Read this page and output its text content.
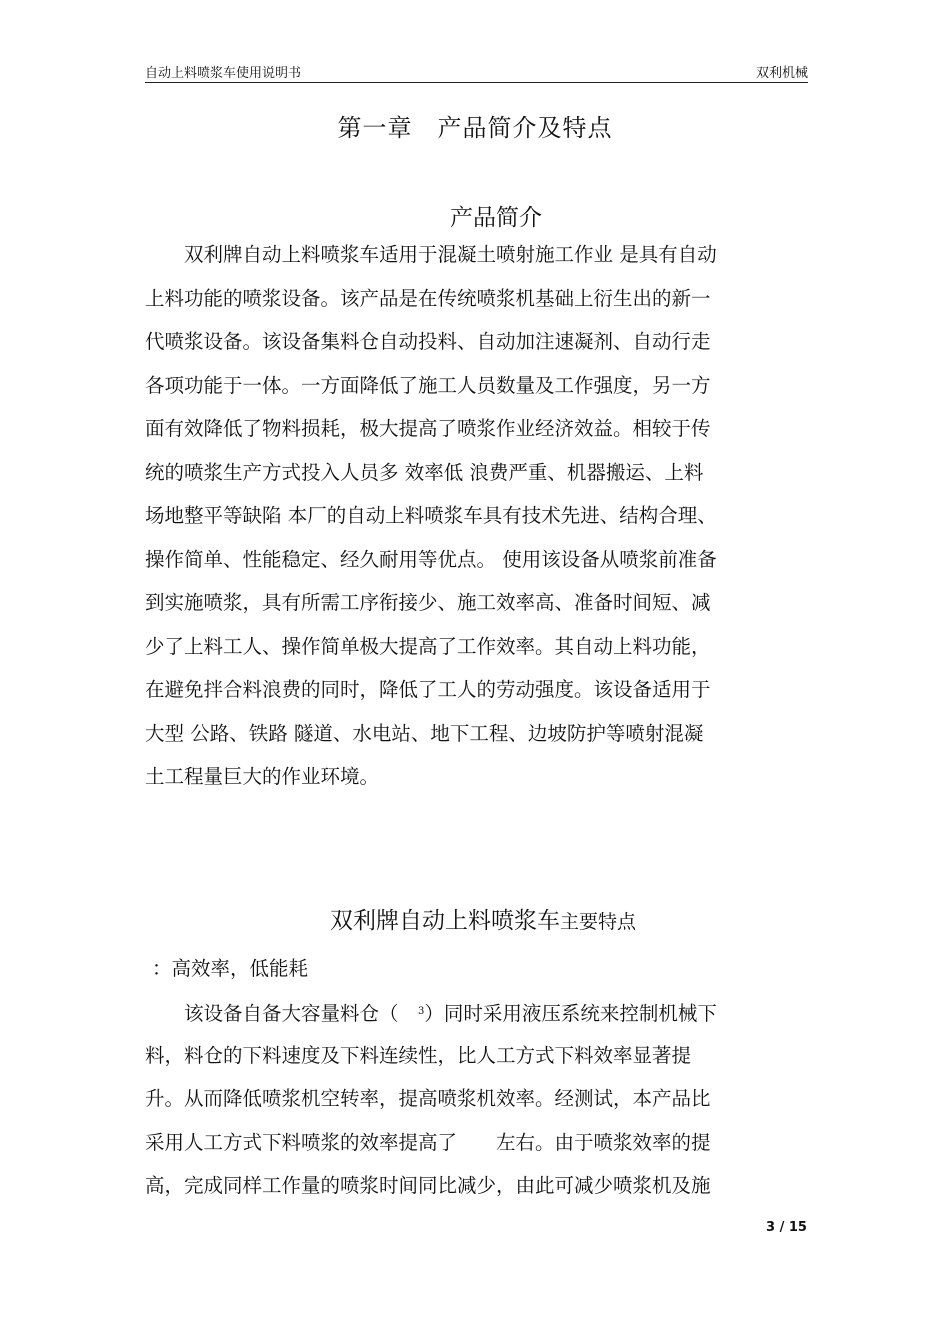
自动上料喷浆车使用说明书	双利机械
第一章　产品简介及特点
产品简介
　　双利牌自动上料喷浆车适用于混凝土喷射施工作业 是具有自动
上料功能的喷浆设备。该产品是在传统喷浆机基础上衍生出的新一
代喷浆设备。该设备集料仓自动投料、自动加注速凝剂、自动行走
各项功能于一体。一方面降低了施工人员数量及工作强度，另一方
面有效降低了物料损耗，极大提高了喷浆作业经济效益。相较于传
统的喷浆生产方式投入人员多 效率低 浪费严重、机器搬运、上料
场地整平等缺陷 本厂的自动上料喷浆车具有技术先进、结构合理、
操作简单、性能稳定、经久耐用等优点。 使用该设备从喷浆前准备
到实施喷浆，具有所需工序衔接少、施工效率高、准备时间短、减
少了上料工人、操作简单极大提高了工作效率。其自动上料功能，
在避免拌合料浪费的同时，降低了工人的劳动强度。该设备适用于
大型 公路、铁路 隧道、水电站、地下工程、边坡防护等喷射混凝
土工程量巨大的作业环境。
双利牌自动上料喷浆车主要特点
：高效率，低能耗
　　该设备自备大容量料仓（　$^3$）同时采用液压系统来控制机械下
料，料仓的下料速度及下料连续性，比人工方式下料效率显著提
升。从而降低喷浆机空转率，提高喷浆机效率。经测试，本产品比
采用人工方式下料喷浆的效率提高了　　左右。由于喷浆效率的提
高，完成同样工作量的喷浆时间同比减少，由此可减少喷浆机及施
3 / 15
